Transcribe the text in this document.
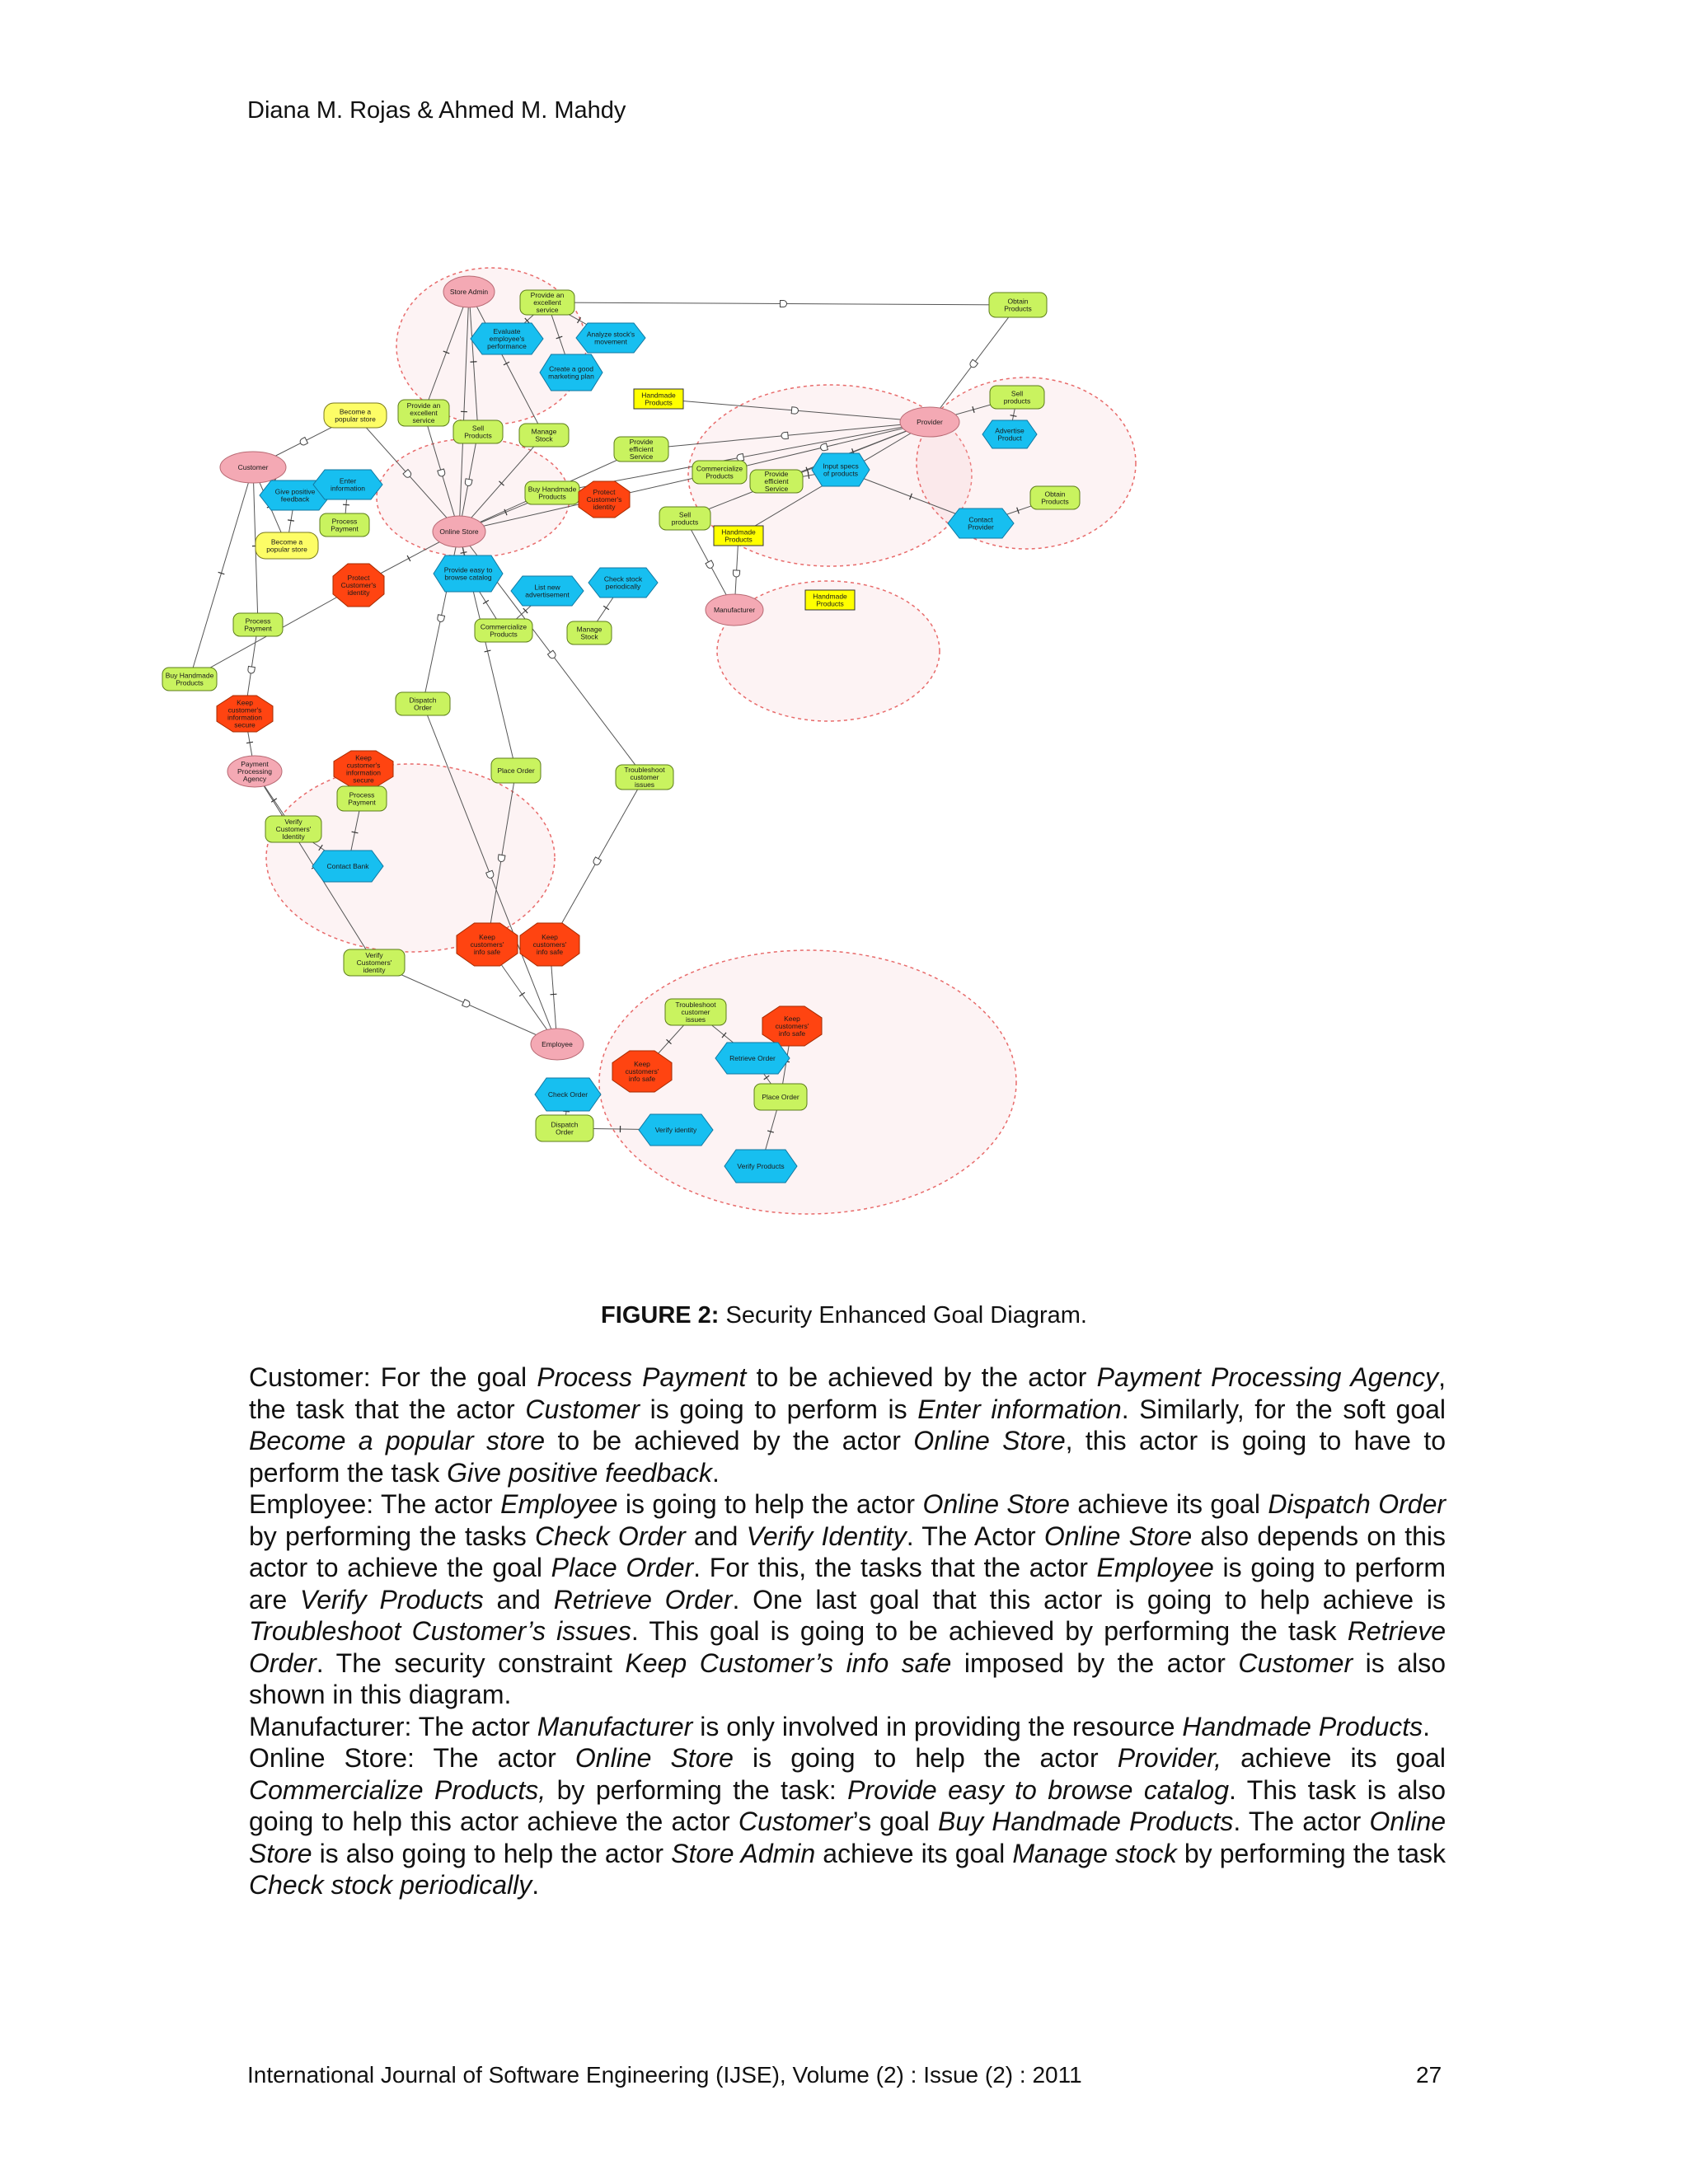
Diana M. Rojas & Ahmed M. Mahdy
Store Admin	Provide an excellent service
Obtain Products
Evaluate employee's performance
Analyze stock's movement
Create a good marketing plan
Handmade Products
Provider
Sell products
Advertise Product
Provide an excellent service
Sell Products	Manage Stock
Become a popular store
Customer
Give positive feedback
Enter information
Process Payment
Become a popular store
Provide efficient Service
Commercialize Products
Buy Handmade Products
Protect Customer's identity
Provide efficient Service
Input specs of products
Obtain Products
Contact Provider
Online Store
Sell products
Handmade Products
Protect Customer's identity
Provide easy to browse catalog
List new advertisement
Check stock periodically
Manufacturer
Handmade Products
Process Payment	Commercialize Products
Manage Stock
Buy Handmade Products
Keep customer's information secure
Dispatch Order
Payment Processing Agency
Keep customer's information secure
Process Payment
Place Order	Troubleshoot customer issues
Verify Customers' Identity
Contact Bank
Keep customers' info safe
Keep customers' info safe
Verify Customers' identity
Troubleshoot customer issues	Keep customers' info safe
Employee
Keep customers' info safe
Retrieve Order
Check Order	Place Order
Dispatch Order	Verify identity
Verify Products
FIGURE 2: Security Enhanced Goal Diagram.

Customer: For the goal Process Payment to be achieved by the actor Payment Processing Agency, the task that the actor Customer is going to perform is Enter information. Similarly, for the soft goal Become a popular store to be achieved by the actor Online Store, this actor is going to have to perform the task Give positive feedback.

Employee: The actor Employee is going to help the actor Online Store achieve its goal Dispatch Order by performing the tasks Check Order and Verify Identity. The Actor Online Store also depends on this actor to achieve the goal Place Order. For this, the tasks that the actor Employee is going to perform are Verify Products and Retrieve Order. One last goal that this actor is going to help achieve is Troubleshoot Customer’s issues. This goal is going to be achieved by performing the task Retrieve Order. The security constraint Keep Customer’s info safe imposed by the actor Customer is also shown in this diagram.

Manufacturer: The actor Manufacturer is only involved in providing the resource Handmade Products.

Online Store: The actor Online Store is going to help the actor Provider, achieve its goal Commercialize Products, by performing the task: Provide easy to browse catalog. This task is also going to help this actor achieve the actor Customer’s goal Buy Handmade Products. The actor Online Store is also going to help the actor Store Admin achieve its goal Manage stock by performing the task Check stock periodically.

International Journal of Software Engineering (IJSE), Volume (2) : Issue (2) : 2011	27
